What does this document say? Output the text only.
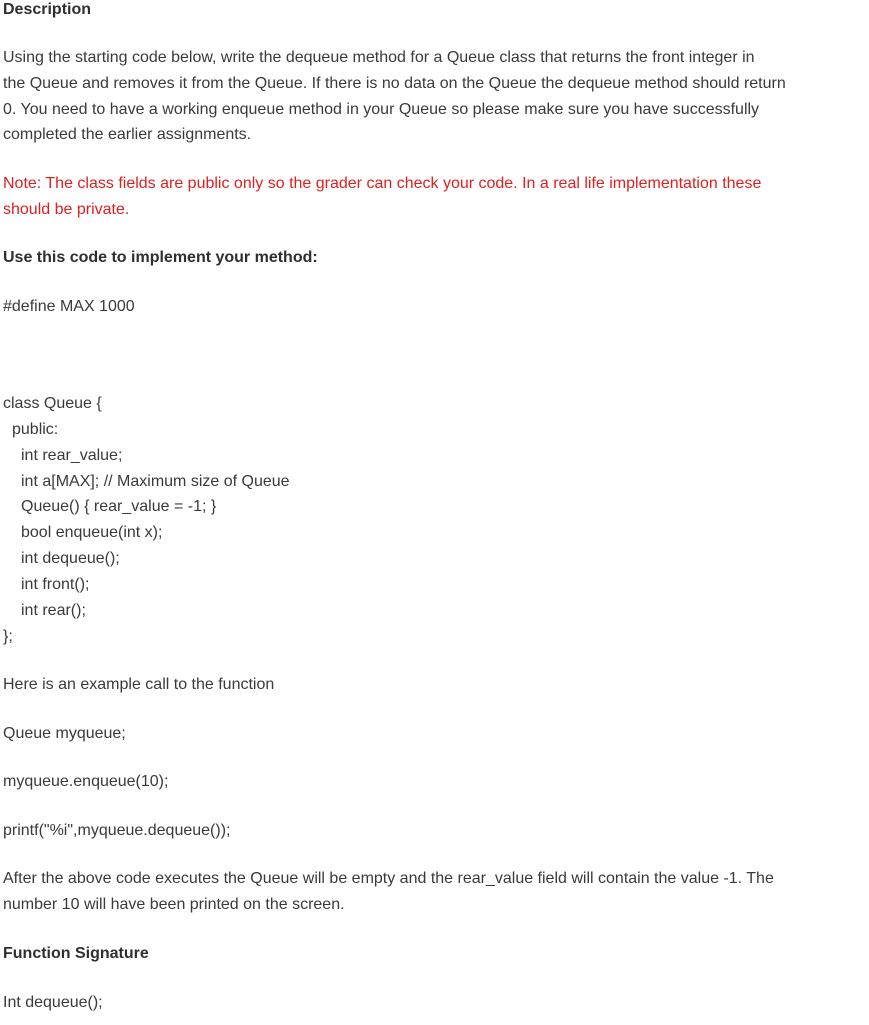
Description
Using the starting code below, write the dequeue method for a Queue class that returns the front integer in
the Queue and removes it from the Queue. If there is no data on the Queue the dequeue method should return
0. You need to have a working enqueue method in your Queue so please make sure you have successfully
completed the earlier assignments.
Note: The class fields are public only so the grader can check your code. In a real life implementation these
should be private.
Use this code to implement your method:
#define MAX 1000
class Queue {
public:
int rear_value;
int a[MAX]; // Maximum size of Queue
Queue() { rear_value = -1; }
bool enqueue(int x);
int dequeue();
int front();
int rear();
};
Here is an example call to the function
Queue myqueue;
myqueue.enqueue(10);
printf("%i",myqueue.dequeue());
After the above code executes the Queue will be empty and the rear_value field will contain the value -1. The
number 10 will have been printed on the screen.
Function Signature
Int dequeue();
